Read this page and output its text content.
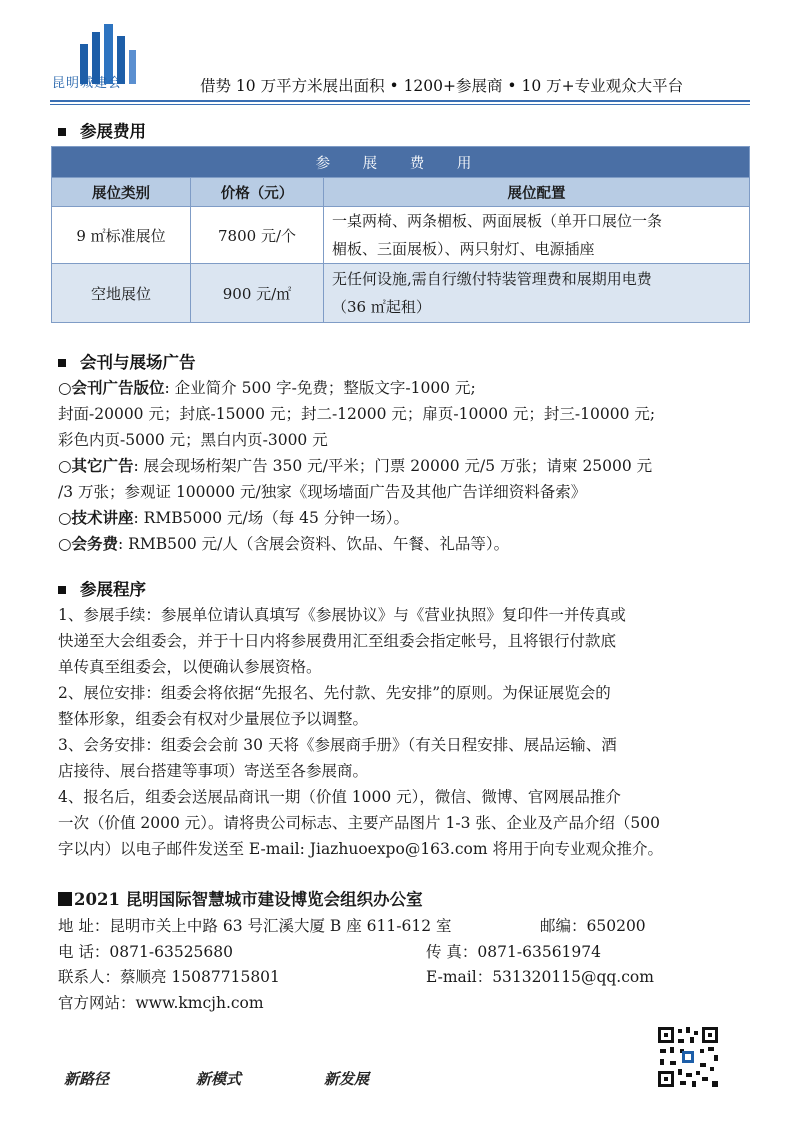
昆明城建会	借势 10 万平方米展出面积 • 1200+参展商 • 10 万+专业观众大平台
参展费用
参 展 费 用		
展位类别	价格（元）	展位配置
9 ㎡标准展位	7800 元/个	一桌两椅、两条楣板、两面展板（单开口展位一条
楣板、三面展板）、两只射灯、电源插座

空地展位	900 元/㎡	无任何设施,需自行缴付特装管理费和展期用电费
（36 ㎡起租）
会刊与展场广告
○会刊广告版位: 企业简介 500 字-免费；整版文字-1000 元;
封面-20000 元；封底-15000 元；封二-12000 元；扉页-10000 元；封三-10000 元;
彩色内页-5000 元；黑白内页-3000 元
○其它广告: 展会现场桁架广告 350 元/平米；门票 20000 元/5 万张；请柬 25000 元
/3 万张；参观证 100000 元/独家《现场墙面广告及其他广告详细资料备索》
○技术讲座: RMB5000 元/场（每 45 分钟一场）。
○会务费: RMB500 元/人（含展会资料、饮品、午餐、礼品等）。
参展程序
1、参展手续：参展单位请认真填写《参展协议》与《营业执照》复印件一并传真或
快递至大会组委会，并于十日内将参展费用汇至组委会指定帐号，且将银行付款底
单传真至组委会，以便确认参展资格。
2、展位安排：组委会将依据“先报名、先付款、先安排”的原则。为保证展览会的
整体形象，组委会有权对少量展位予以调整。
3、会务安排：组委会会前 30 天将《参展商手册》（有关日程安排、展品运输、酒
店接待、展台搭建等事项）寄送至各参展商。
4、报名后，组委会送展品商讯一期（价值 1000 元），微信、微博、官网展品推介
一次（价值 2000 元）。请将贵公司标志、主要产品图片 1-3 张、企业及产品介绍（500
字以内）以电子邮件发送至 E-mail: Jiazhuoexpo@163.com 将用于向专业观众推介。
2021 昆明国际智慧城市建设博览会组织办公室
地 址：昆明市关上中路 63 号汇溪大厦 B 座 611-612 室	邮编：650200
电 话：0871-63525680	传 真：0871-63561974
联系人：蔡顺亮 15087715801	E-mail：531320115@qq.com
官方网站：www.kmcjh.com
新路径	新模式	新发展
